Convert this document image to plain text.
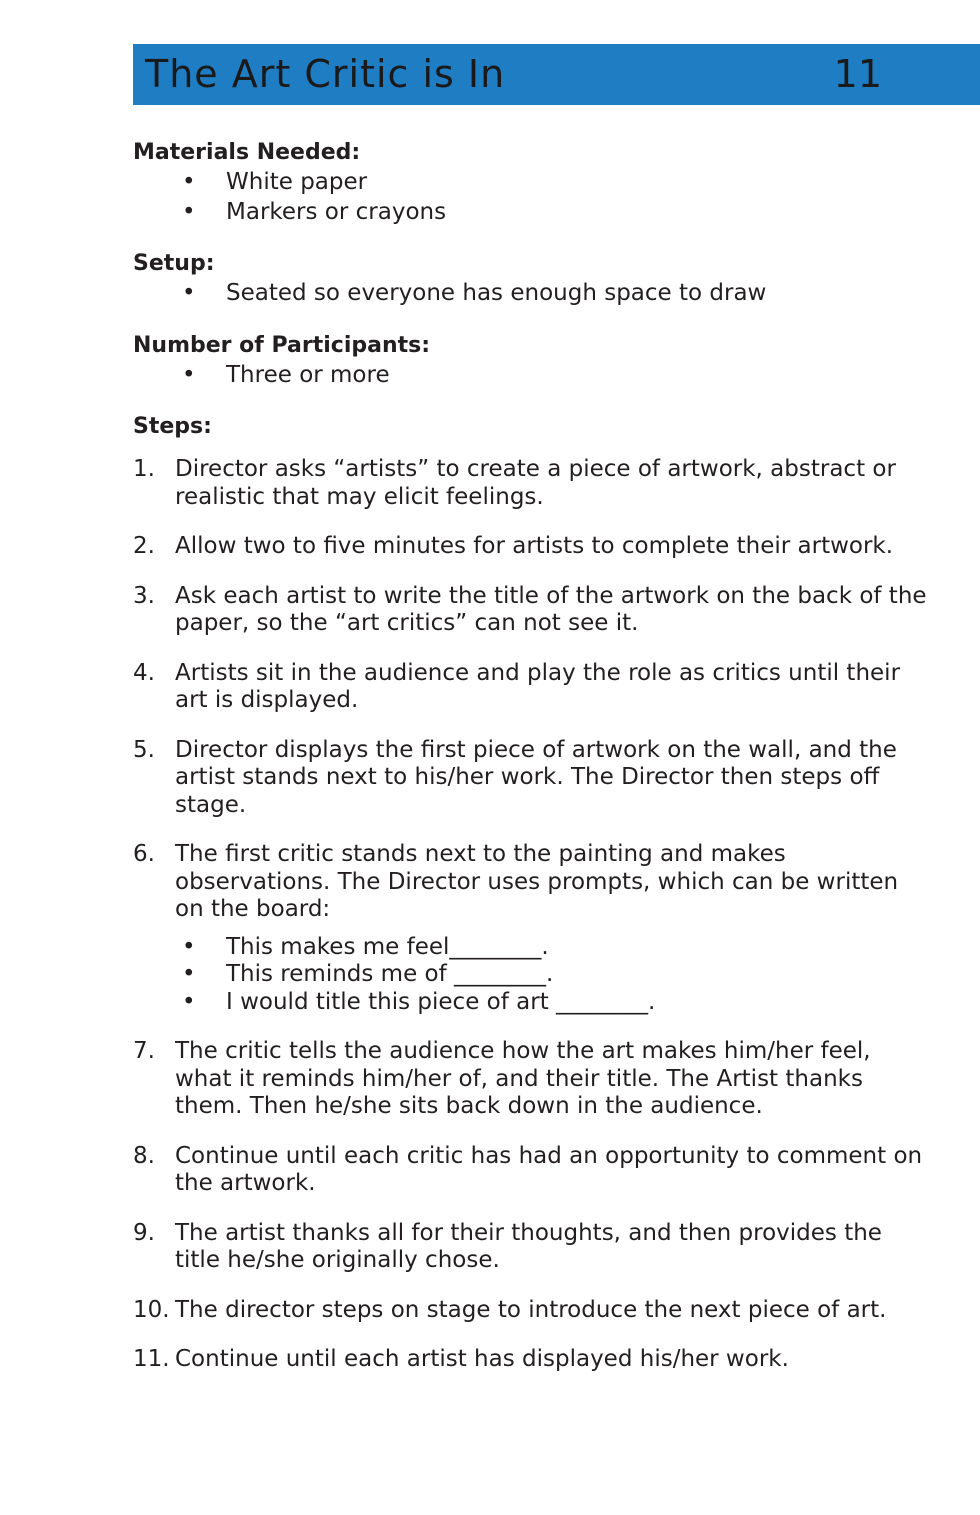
The Art Critic is In	11

Materials Needed:

• White paper
• Markers or crayons

Setup:

• Seated so everyone has enough space to draw

Number of Participants:

• Three or more

Steps:

1. Director asks “artists” to create a piece of artwork, abstract or realistic that may elicit feelings.
2. Allow two to five minutes for artists to complete their artwork.
3. Ask each artist to write the title of the artwork on the back of the paper, so the “art critics” can not see it.
4. Artists sit in the audience and play the role as critics until their art is displayed.
5. Director displays the first piece of artwork on the wall, and the artist stands next to his/her work. The Director then steps off stage.
6. The first critic stands next to the painting and makes observations. The Director uses prompts, which can be written on the board:
• This makes me feel________.
• This reminds me of ________.
• I would title this piece of art ________.
7. The critic tells the audience how the art makes him/her feel, what it reminds him/her of, and their title. The Artist thanks them. Then he/she sits back down in the audience.
8. Continue until each critic has had an opportunity to comment on the artwork.
9. The artist thanks all for their thoughts, and then provides the title he/she originally chose.
10. The director steps on stage to introduce the next piece of art.
11. Continue until each artist has displayed his/her work.
